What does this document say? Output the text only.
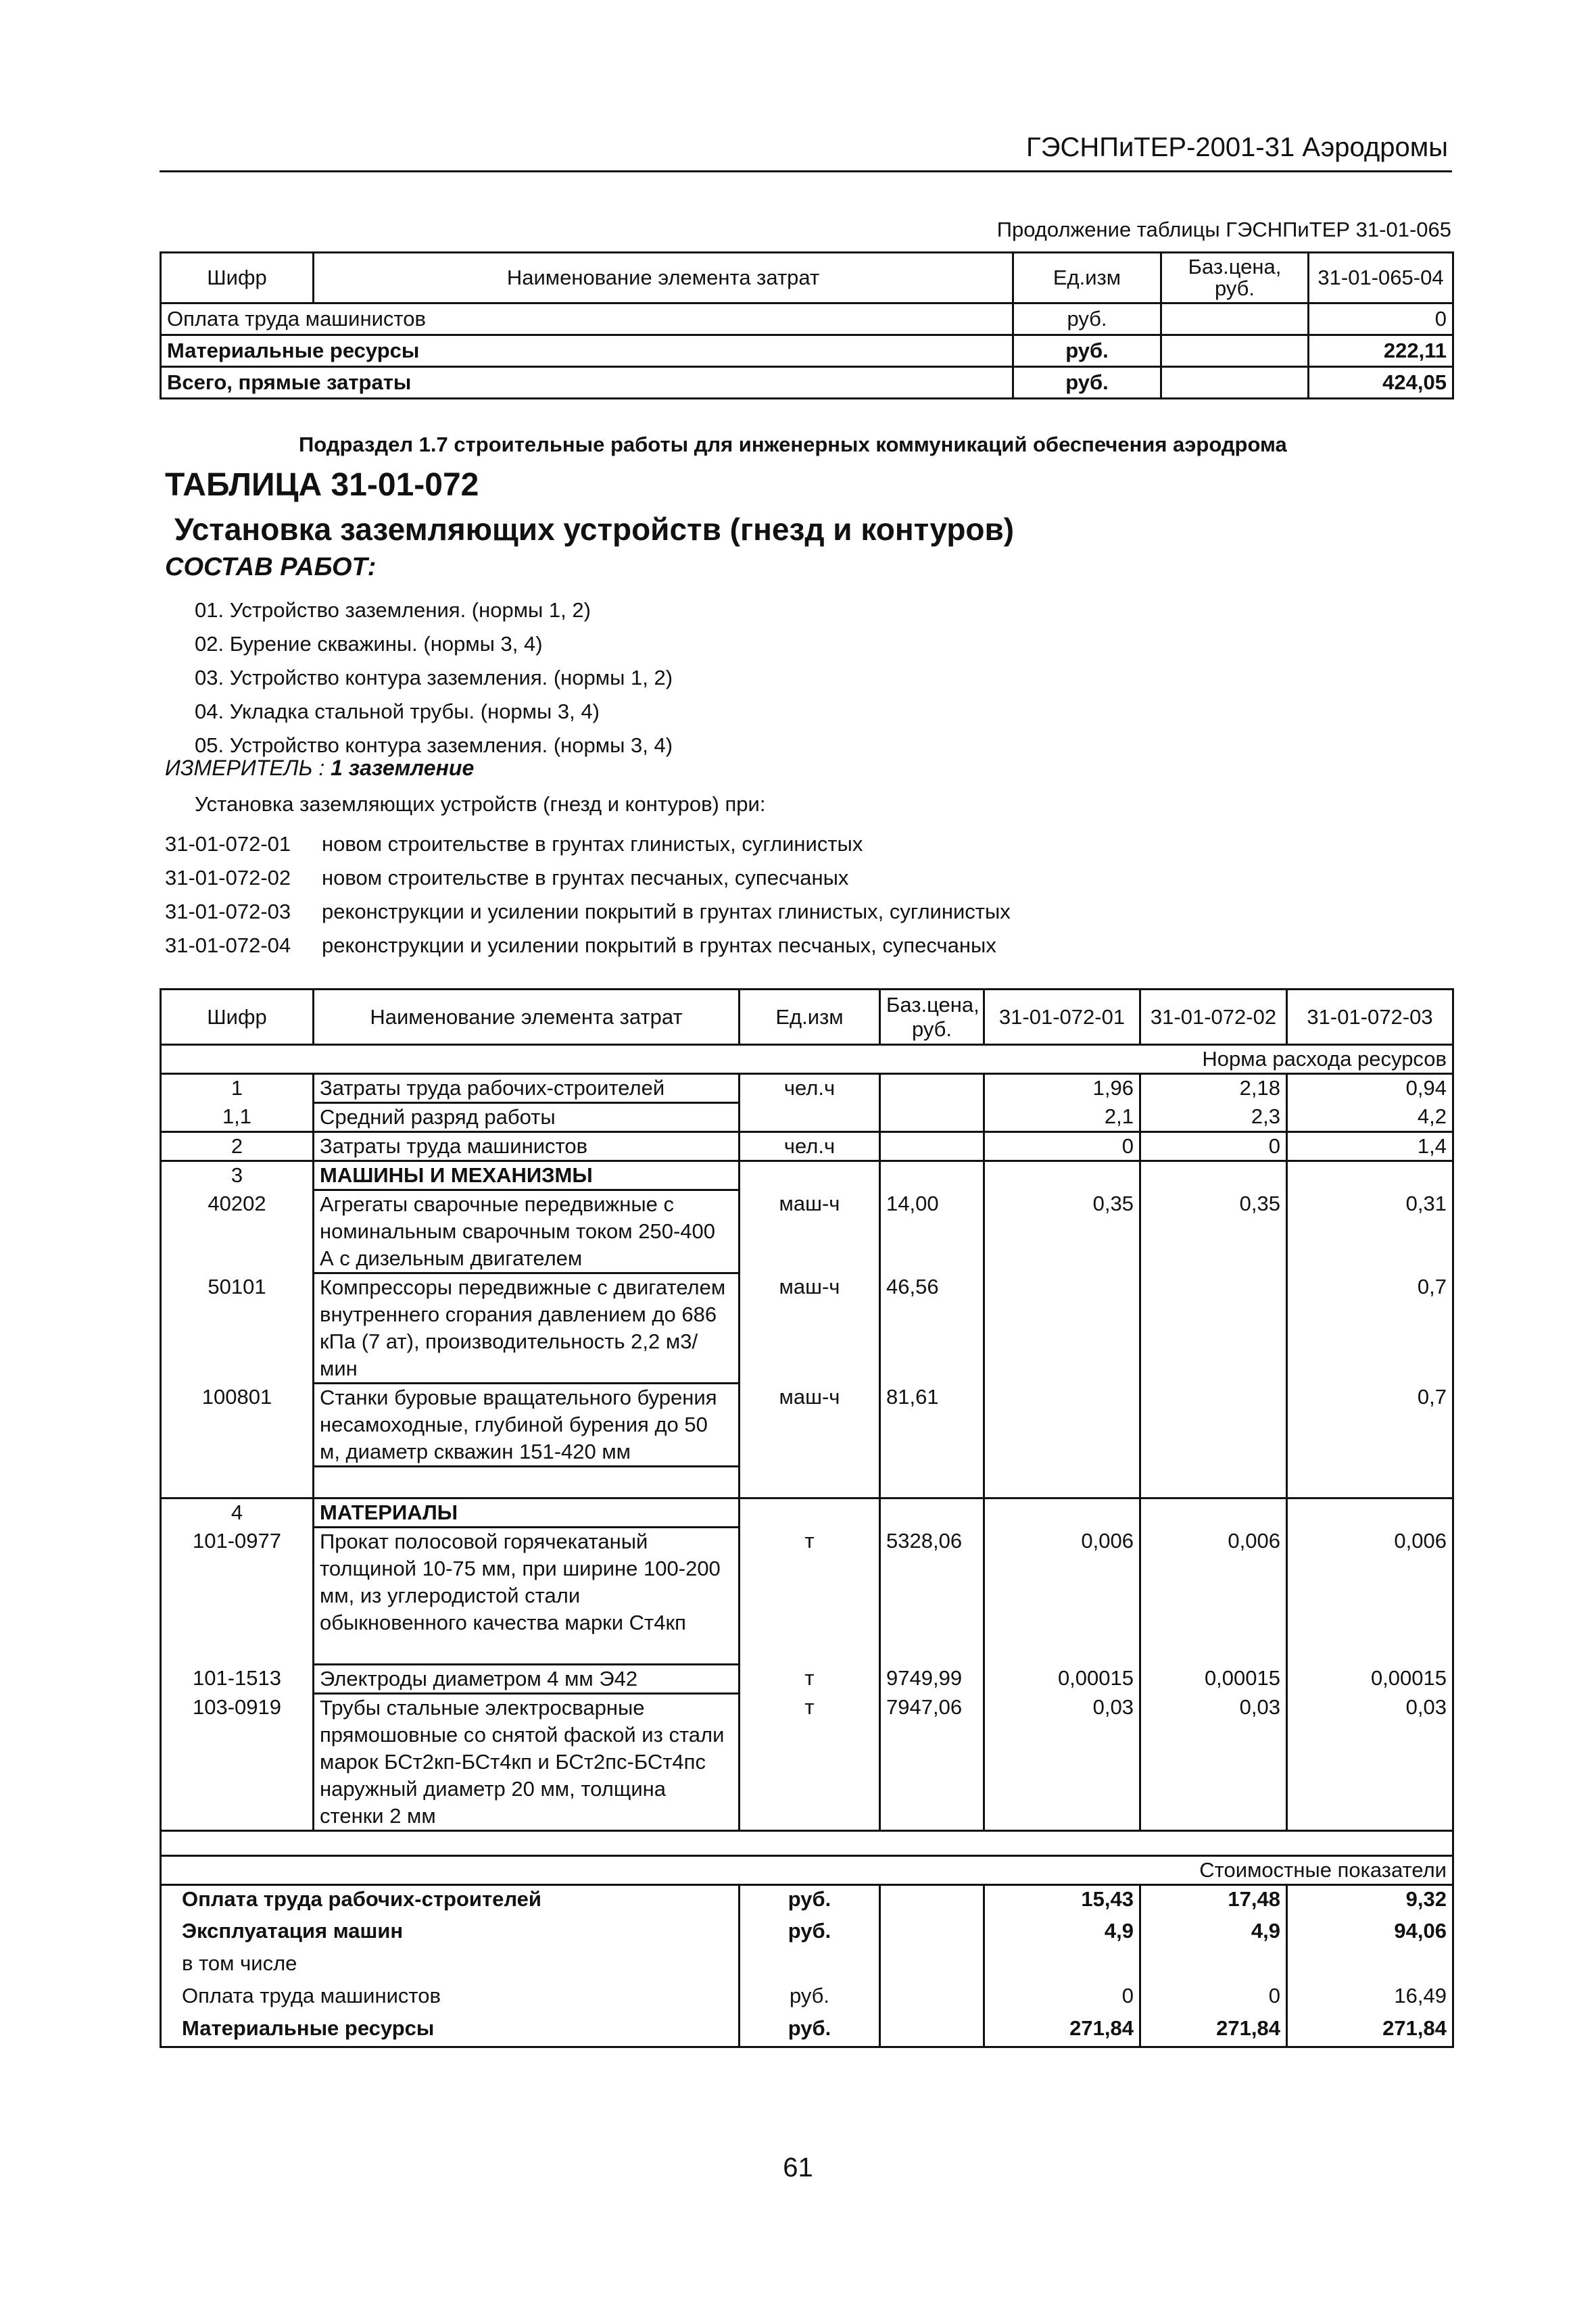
ГЭСНПиТЕР-2001-31 Аэродромы
Продолжение таблицы ГЭСНПиТЕР 31-01-065
Шифр	Наименование элемента затрат	Ед.изм	Баз.цена, руб.	31-01-065-04
Оплата труда машинистов		руб.		0
Материальные ресурсы		руб.		222,11
Всего, прямые затраты		руб.		424,05
Подраздел 1.7 строительные работы для инженерных коммуникаций обеспечения аэродрома
ТАБЛИЦА 31-01-072
Установка заземляющих устройств (гнезд и контуров)
СОСТАВ РАБОТ:
01. Устройство заземления. (нормы 1, 2)
02. Бурение скважины. (нормы 3, 4)
03. Устройство контура заземления. (нормы 1, 2)
04. Укладка стальной трубы. (нормы 3, 4)
05. Устройство контура заземления. (нормы 3, 4)
ИЗМЕРИТЕЛЬ : 1 заземление
Установка заземляющих устройств (гнезд и контуров) при:
31-01-072-01 новом строительстве в грунтах глинистых, суглинистых
31-01-072-02 новом строительстве в грунтах песчаных, супесчаных
31-01-072-03 реконструкции и усилении покрытий в грунтах глинистых, суглинистых
31-01-072-04 реконструкции и усилении покрытий в грунтах песчаных, супесчаных
Шифр	Наименование элемента затрат	Ед.изм	Баз.цена, руб.	31-01-072-01	31-01-072-02	31-01-072-03
Норма расхода ресурсов						
1	Затраты труда рабочих-строителей	чел.ч		1,96	2,18	0,94
1,1	Средний разряд работы			2,1	2,3	4,2
2	Затраты труда машинистов	чел.ч		0	0	1,4
3	МАШИНЫ И МЕХАНИЗМЫ					
40202	Агрегаты сварочные передвижные с номинальным сварочным током 250-400 А с дизельным двигателем	маш-ч	14,00	0,35	0,35	0,31
50101	Компрессоры передвижные с двигателем внутреннего сгорания давлением до 686 кПа (7 ат), производительность 2,2 м3/мин	маш-ч	46,56			0,7
100801	Станки буровые вращательного бурения несамоходные, глубиной бурения до 50 м, диаметр скважин 151-420 мм	маш-ч	81,61			0,7

4	МАТЕРИАЛЫ					
101-0977	Прокат полосовой горячекатаный толщиной 10-75 мм, при ширине 100-200 мм, из углеродистой стали обыкновенного качества марки Ст4кп	т	5328,06	0,006	0,006	0,006
101-1513	Электроды диаметром 4 мм Э42	т	9749,99	0,00015	0,00015	0,00015
103-0919	Трубы стальные электросварные прямошовные со снятой фаской из стали марок БСт2кп-БСт4кп и БСт2пс-БСт4пс наружный диаметр 20 мм, толщина стенки 2 мм	т	7947,06	0,03	0,03	0,03

Стоимостные показатели						
Оплата труда рабочих-строителей		руб.		15,43	17,48	9,32
Эксплуатация машин		руб.		4,9	4,9	94,06
в том числе						
Оплата труда машинистов		руб.		0	0	16,49
Материальные ресурсы		руб.		271,84	271,84	271,84
61
